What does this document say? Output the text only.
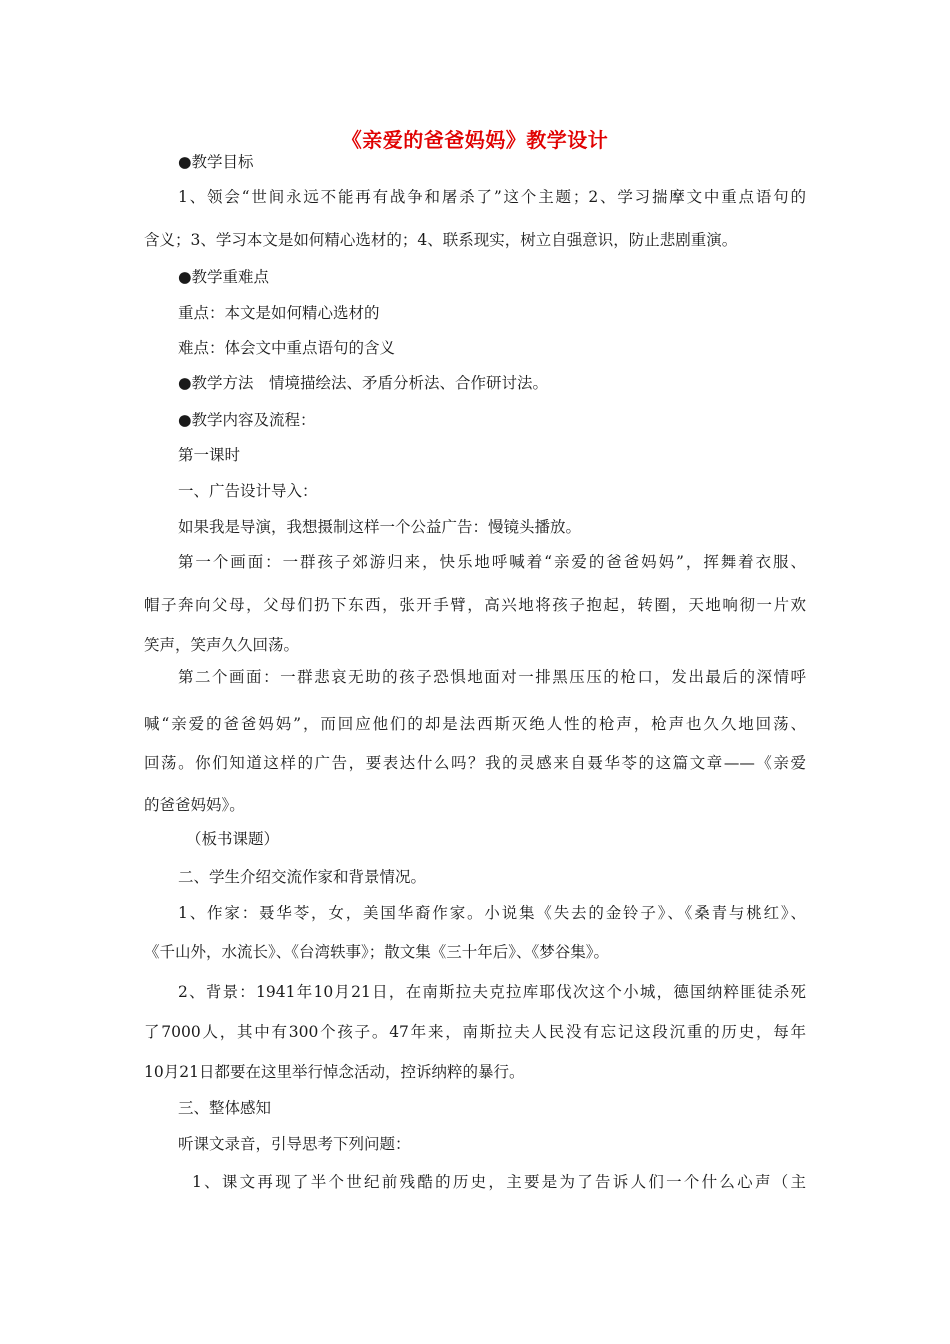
《亲爱的爸爸妈妈》教学设计
●教学目标
1、领会“世间永远不能再有战争和屠杀了”这个主题；2、学习揣摩文中重点语句的
含义；3、学习本文是如何精心选材的；4、联系现实，树立自强意识，防止悲剧重演。
●教学重难点
重点：本文是如何精心选材的
难点：体会文中重点语句的含义
●教学方法　情境描绘法、矛盾分析法、合作研讨法。
●教学内容及流程：
第一课时
一、广告设计导入：
如果我是导演，我想摄制这样一个公益广告：慢镜头播放。
第一个画面：一群孩子郊游归来，快乐地呼喊着“亲爱的爸爸妈妈”，挥舞着衣服、
帽子奔向父母，父母们扔下东西，张开手臂，高兴地将孩子抱起，转圈，天地响彻一片欢
笑声，笑声久久回荡。
第二个画面：一群悲哀无助的孩子恐惧地面对一排黑压压的枪口，发出最后的深情呼
喊“亲爱的爸爸妈妈”，而回应他们的却是法西斯灭绝人性的枪声，枪声也久久地回荡、
回荡。你们知道这样的广告，要表达什么吗？我的灵感来自聂华苓的这篇文章——《亲爱
的爸爸妈妈》。
（板书课题）
二、学生介绍交流作家和背景情况。
1、作家：聂华苓，女，美国华裔作家。小说集《失去的金铃子》、《桑青与桃红》、
《千山外，水流长》、《台湾轶事》；散文集《三十年后》、《梦谷集》。
2、背景：1941年10月21日，在南斯拉夫克拉库耶伐次这个小城，德国纳粹匪徒杀死
了7000人，其中有300个孩子。47年来，南斯拉夫人民没有忘记这段沉重的历史，每年
10月21日都要在这里举行悼念活动，控诉纳粹的暴行。
三、整体感知
听课文录音，引导思考下列问题：
1、课文再现了半个世纪前残酷的历史，主要是为了告诉人们一个什么心声（主
